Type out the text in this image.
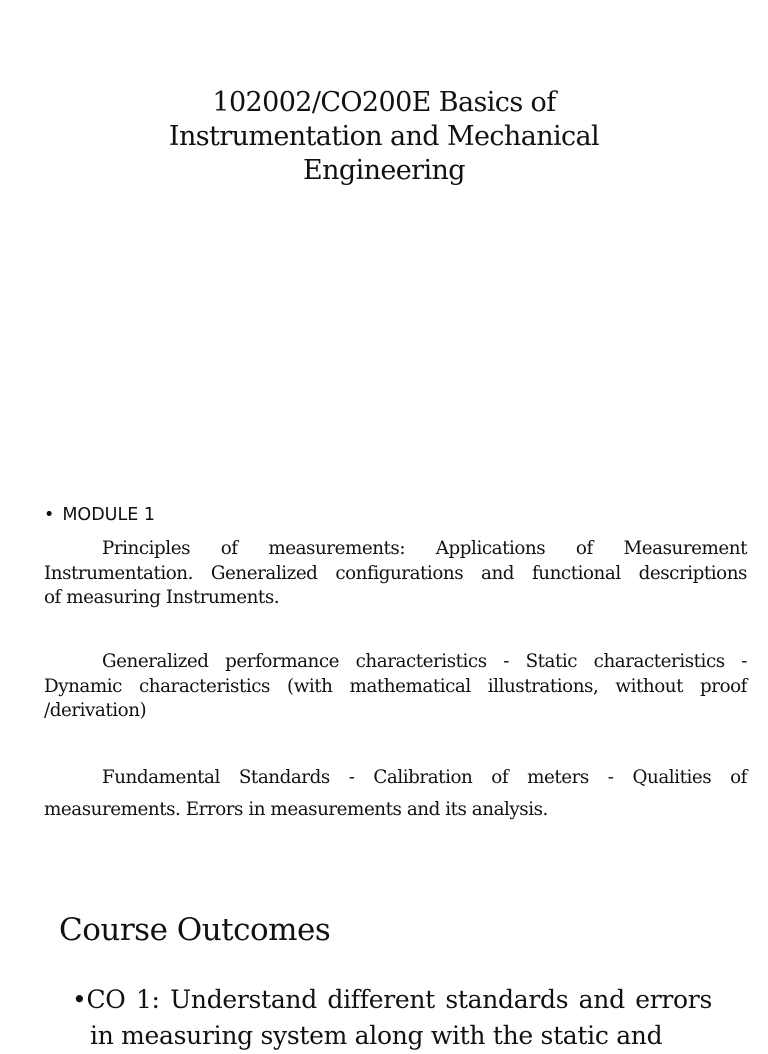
102002/CO200E Basics of
Instrumentation and Mechanical
Engineering
• MODULE 1
Principles of measurements: Applications of Measurement
Instrumentation. Generalized configurations and functional descriptions
of measuring Instruments.
Generalized performance characteristics - Static characteristics -
Dynamic characteristics (with mathematical illustrations, without proof
/derivation)
Fundamental Standards - Calibration of meters - Qualities of
measurements. Errors in measurements and its analysis.
Course Outcomes
•CO 1: Understand different standards and errors
in measuring system along with the static and
